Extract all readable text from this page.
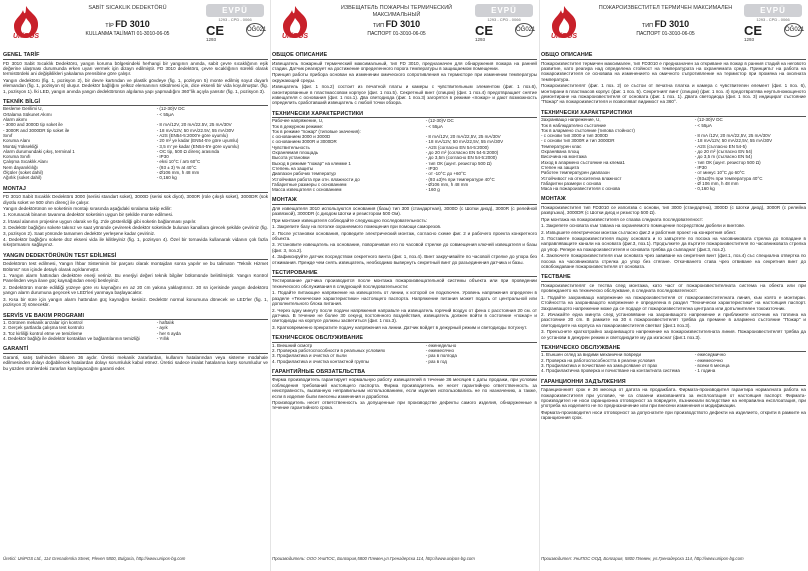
UniPOS
SABİT SICAKLIK DEDEKTÖRÜ
TİP FD 3010
KULLANMA TALİMATI 01-3010-06-05
EVPÜ
1293 - CPD - 0066
CE	ÖĞ021
1293
GENEL TARİF
FD 3010 Sabit Sıcaklık Dedektörü, yangın koruma bölgesindeki herhangi bir yangının anında, sabit çevre sıcaklığının eşik değerine ulaşması durumunda erken uyarı vermek için dizayn edilmiştir. FD 3010 dedektörü, çevre sıcaklığının sürekli olarak termistördeki ani değişiklikleri yakalama prensibine göre çalışır.
Yangın dedektörü (fig. 1, pozisyon 2), bir devre kartından ve plastik gövdeye (fig. 1, pozisyon 5) monte edilmiş soyut duyarlı elemandan (fig. 1, pozisyon 6) oluşur. Dedektör bağlığını yelküz elemanının sökülmesi için, dice eksenli bir vida koyulmuştur. (fig. 1, pozisyon 1). İki LED, yangın anında yangın dedektörünün algılama yapı yapmadığını 360°lik açıyla yansıtır (fig. 1, pozisyon 3).
TEKNİK BİLGİ
Besleme Gerilimi U,	- (12-30)V DC
Ortalama Sükunet Akımı	- < 55μA
Alarm akımı
- 3000 and 3000D tip soket ile	- 8 mA/12V, 20 mA/22.5V, 25 mA/30V
- 3000R and 3000DR tip soket ile	- 18 mA/12V, 50 mA/22.5V, 55 mA/30V
Sınıf	- A2S (EN54-5:2000'e göre uyumlu)
Koruma Alanı	- 20 m² ye kadar (EN54-5'e göre uyumlu)
Montaj Yüksekliği	- 3,5 m' ye kadar (EN54-5'e göre uyumlu)
Alarm durumundaki çıkış, terminal 1	- OC tip, 500 Ω direnç arasında
Koruma Sınıfı	- IP30
Çalışma Sıcaklık Alanı	- eksi 10°C / artı 60°C
Nem dayanıklılığı	- (93 ± 3) % at 40°C
Ölçüler (soket dahil)	- Ø106 mm, h 48 mm
Ağırlık (soket dahil)	- 0,160 kg
MONTAJ
FD 3010 Sabit Sıcaklık Dedektörü 3000 (seriisi standart soket), 3000D (serisi sok diyot), 3000R (role çıkışlı soket), 3000DR (sok diyotlu soket ve 500 ohm direnç) ile çalışır.
Yangın dedektörünün ve soketinin montajı sırasında aşağıdaki sıralama takip edilir:
1. Korunacak binanın tavanına dedektör soketinin uygun bir şekilde monte edilmesi.
2. İrtasal alanının projesine uygun olarak ve fig. 2'de gösterildiği gibi soketin bağlanması yapılır.
3. Dedektör bağlığını sokete takınız ve saat yönünde çevirerek dedektör soketinde bulunan kanallara girecek şekilde çeviriniz (fig. 3, pozisyon 2). Saat yönünde tamamen dedektör yerleşene kadar çeviriniz.
4. Dedektör bağlığını sokete düz ekseni vida ile kilitleyiniz (fig. 1, pozisyon 4). Özel bir tornavida kullanarak vidanın çok fazla sıkıştırmasını sağlayınız.
YANGIN DEDEKTÖRÜNÜN TEST EDİLMESİ
Dedektörün test edilmesi, Yangın İhbar Sisteminin bir parçası olarak montajdan sonra yapılır ve bu talimatın "Teknik Hizmet Bölümü" nün içinde detaylı olarak açıklanmıştır.
1. Yangın alarm hattından dedektöre enerji veriniz. Bu enerjiyi değeri teknik bilgiler bölümünde belirtilmiştir. Yangın Kontrol Panelinden veya ilave güç kaynağından enerji besleyiniz.
2. Dedektörün monte edildiği yüzeye göre ısı kaynağını en az 20 cm yakına yaklaştırınız. 30 sn içerisinde yangın dedektörü yangın alarm durumuna geçecek ve LED'leri yanmaya başlayacaktır.
3. Kısa bir süre için yangın alarm hattından güç kaynağını kesiniz. Dedektör normal konumuna dönecek ve LED'ler (fig. 1, pozisyon 3) sönecektir.
SERVİS VE BAKIM PROGRAMI
1. Görünen mekanik arızalar için kontrol	- haftalık
2. Gerçek şartlarda çalışma test kontrolü	- ayık
3. Toz kirliliği kontrol etme ve temizleme	- her 6 ayda
4. Dedektör bağlığı ile dedektör kontakları ve bağlantılarının temizliği	- Yıllık
GARANTİ
Garanti, satış tarihinden itibaren 36 aydır. Üretici mekanik zararlardan, kullanım hatalarından veya sisteme müdahale edilmesinden dolayı doğabilecek hatalardan dolayı sorumluluk kabul etmez. Üretici sadece imalat hatalarına karşı sorumludur ve bu yüzden ürünlerdeki zararları karşılayacağını garanti eder.
Üretici: UniPOS Ltd., 114 Grenaderska Street, Pleven 5800, Bulgaria, http://www.unipos-bg.com
UniPOS
ИЗВЕЩАТЕЛЬ ПОЖАРНЫ ТЕРМИЧЕСКИЙ МАКСИМАЛЬНЫЙ
ТИП FD 3010
ПАСПОРТ 01-3010-06-05
EVPÜ
1293 - CPD - 0066
CE	ÖĞ021
1293
ОБЩОЕ ОПИСАНИЕ
Извещатель пожарный термический максимальный, тип FD 3010, предназначен для обнаружения пожара на ранней стадии. Датчик реагирует на достижение определенного порога температуры в защищаемом помещении.
Принцип работы прибора основан на изменении омического сопротивления на термисторе при изменении температуры окружающей среды.
Извещатель (фиг. 1 поз.2) состоит из печатной платы и камеры с чувствительным элементом (фиг. 1 поз.6), смонтированные в пластмассовом корпусе (фиг. 1 поз.5). Секретный винт (спицом) (фиг. 1 поз.4) предотвращает снятие извещателя с основания (фиг. 1 поз.1). Два светодиода (фиг. 1 поз.3) загорятся в режиме «пожар» и дают возможность определить сработавший извещатель с любой точки обзора.
ТЕХНИЧЕСКИ ХАРАКТЕРИСТИКИ
Рабочее напряжение, U,	- (12-30)V DC
Ток в дежурном режиме:	- < 55μA
Ток в режиме "пожар" (типовые значения):
с основанием 3000 и 3000D	- 8 mA/12V, 20 mA/22,5V, 25 mA/30V
с основанием 3000R и 3000DR	- 18 mA/12V, 50 mA/22,5V, 55 mA/30V
Чувствительность	- A2S (согласно EN 54-5:2000)
Охраняемая площадь	- до 20 m² (согласно EN 54-5:2000)
Высота установки	- до 3,5m (согласно EN 54-5:2000)
Выход в режиме "пожар" на клемме 1	- тип ОК (шунт. резистор 500 Ω)
Степень на защиты	- IP30
Диапазон рабочих температур	- от -10°C до +60°C
Устойчивая работа при отн. влажности до	- (93 ±3)% при температуре 40°C
Габаритные размеры с основанием	- Ø106 mm, h 48 mm
Масса извещателя с основанием	- 160 g
МОНТАЖ
Для извещателя 3010 используются основания (базы) тип 300 (стандартная), 3000D (с Шотки диод), 3000R (с релейной развязкой), 3000DR (с диодом Шотки и резистором 500 Ом).
При монтаже извещателя соблюдайте следующую последовательность:
1. Закрепите базу на потолке охраняемого помещения при помощи саморезов.
2. После установки основания, проведите электрический монтаж, согласно схеме фиг. 2 и рабочего проекта конкретного объекта.
3. Установите извещатель на основание, поворачивая его по часовой стрелке до совмещения ключей извещателя и базы (фиг. 3, поз.2).
4. Зафиксируйте датчик посредством секретного винта (фиг. 1, поз.4). Винт закручивайте по часовой стрелке до упора без отжимания. Прежде чем снять извещатель, необходимо вывернуть секретный винт до разъединения датчика и базы.
ТЕСТИРОВАНИЕ
Тестирование датчика производится после монтажа пожароизвещательной системы объекта или при проведении технического обслуживания в следующей последовательности:
1. Подайте питающее напряжение на извещатель от линии, к которой он подключен. Уровень напряжения определен в разделе «Технические характеристики» настоящего паспорта. Напряжение питания может подать от центральной или дополнительного блока питания.
2. Через одну минуту после подачи напряжения направьте на извещатель горячий воздух от фена с расстояния 20 см. от датчика. В течение не более 30 секунд постоянного воздействия, извещатель должен войти в состояние «пожар» и светодиоды на корпусе должны засветиться (фиг. 1 поз.3).
3. Кратковременно прекратите подачу напряжения на линии. Датчик войдет в дежурный режим и светодиоды потухнут.
ТЕХНИЧЕСКОЕ ОБСЛУЖИВАНИЕ
1. Внешний осмотр	- еженедельно
2. Проверка работоспособности в реальных условиях	- ежемесячно
3. Профилактика и очистка от пыли	- раз в полгода
4. Профилактика и очистка контактной группы	- раз в год
ГАРАНТИЙНЫЕ ОБЯЗАТЕЛЬСТВА
Фирма производитель гарантирует нормальную работу извещателей в течение 36 месяцев с даты продажи, при условии соблюдения требований настоящего паспорта. Фирма производитель не несет гарантийную ответственность за неисправность, вызванную неправильным использованием, если изделия использовались не по назначению, а также, если в изделие были внесены изменения и доработки.
Производитель несет ответственность за допущенные при производстве дефекты самого изделия, обнаруженные в течение гарантийного срока.
Производитель: ООО УниПОС, Болгария,5800 Плевен,ул.Гренадерска 114, http://www.unipos-bg.com
UniPOS
ПОЖАРОИЗВЕСТИТЕЛ ТЕРМИЧЕН МАКСИМАЛЕН
ТИП FD 3010
ПАСПОРТ 01-3010-06-05
EVPÜ
1293 - CPD - 0066
CE	ÖĞ021
1293
ОБЩО ОПИСАНИЕ
Пожароизвестител термичен максимален, тип FD3010 е предназначен за откриване на пожар в ранния стадий на неговото развитие, като реагира над определена стойност на температурата на охраняемата среда. Принципът на работа на пожароизвестителя се основава на изменението на омичното съпротивление на термистор при промяна на околната температура.
Пожароизвестителят (фиг. 1 поз. 2) се състои от печатна платка и камера с чувствителен елемент (фиг. 1 поз. 6), монтирани в пластмасов корпус (фиг. 1 поз. 5). Секретният винт (спицом) (фиг. 1 поз. 4) предотвратява неупълномощеното демонтиране на пожароизвестителя от основата (фиг. 1 поз. 1). Двата светодиода (фиг. 1 поз. 3) индицират състояние "Пожар" на пожароизвестителя и позволяват видимост на 360°.
ТЕХНИЧЕСКИ ХАРАКТЕРИСТИКИ
Захранващо напрежение, U,	- (12-30)V DC
Ток в наблюдателно състояние	- < 55μA
Ток в алармено състояние (типова стойност)
- с основи тип 3000 и тип 3000D	- 8 mA /12V, 20 mA/22,5V, 25 mA/30V
- с основи тип 3000R и тип 3000DR	- 18 mA/12V, 50 mA/22,5V, 55 mA/30V
Температурен клас	- A2S (съгласно EN 54-5)
Охранявана площ	- до 20 m² (съгласно EN 54)
Височина на монтажа	- до 3,5 m (съгласно EN 54)
Изход в алармено състояние на клема1	- тип ОК (шунт. резистор 500 Ω)
Степен на защита	- IP30
Работен температурен диапазон	- от минус 10°C до 60°C
Устойчивост на относителна влажност	- (93±3)% при температура 40°C
Габаритни размери с основа	- Ø 106 mm, h 48 mm
Маса на пожароизвестителя с основа	- 0,160 kg
МОНТАЖ
Пожароизвестител тип FD3010 се използва с основи, тип 3000 (стандартна), 3000D (с Шотки диод), 3000R (с релейна развръзка), 3000DR (с Шотки диод и резистор 500 Ω).
При монтажа на пожароизвестителя се спазва следната последователност:
1. Закрепете основата към тавана на охраняемото помещение посредством дюбели и винтове.
2. Извършете електрически монтаж съгласно фиг.2 и работния проект на конкретния обект.
3. Поставете пожароизвестителя върху основата и го завъртете по посока на часовниковата стрелка до попадане в направляващите канали на основата (фиг.3, поз.1). Продължете да въртите пожароизвестителя по часовниковата стрелка до упор. Репере на пожароизвестителя и основата трябва да съвпаднат (фиг.3, поз.2).
4. Заключете пожароизвестителя към основата чрез завиване на секретния винт (фиг.1, поз.4) със специална отвертка по посока на часовниковата стрелка до упор без стягане. Откачването става чрез отвиване на секретния винт до освобождаване пожароизвестителя от основата.
ТЕСТВАНЕ
Пожароизвестителят се тества след монтажа, като част от пожароизвестителната система на обекта или при провеждането на техническо обслужване, в следната последователност:
1. Подайте захранващо напрежение на пожароизвестителя от пожароизвестителната линия, към която е монтиран. Стойността на захранващото напрежение е определена в раздел "Технически характеристики" на настоящия паспорт. Захранващото напрежение може да се подаде от пожароизвестителна централа или допълнителен токоизточник.
2. Изчакайте една минута след установяване на захранващото напрежение и приближете източник на топлина на разстояние 20 cm. В рамките на 30 s пожароизвестителят трябва да премине в алармено състояние "Пожар" и светодиодите на корпуса на пожароизвестителя светват (фиг.1 поз.3).
3. Прекъснете краткотрайно захранващото напрежение на пожароизвестителната линия. Пожароизвестителят трябва да се установи в дежурен режим и светодиодите му да изгаснат (фиг.1 поз.3).
ТЕХНИЧЕСКО ОБСЛУЖВАНЕ
1. Външен оглед за видими механични повреди	- ежеседмично
2. Проверка на работоспособността в реални условия	- ежемесечно
3. Профилактика и почистване на замърсяване от прах	- всеки 6 месеца
4. Профилактична проверка и почистване на контактната система	- 1 година
ГАРАНЦИОННИ ЗАДЪЛЖЕНИЯ
Гаранционният срок е 36 месеца от датата на продажбата. Фирмата-производител гарантира нормалната работа на пожароизвестителя при условие, че са спазени изискванията за експлоатация от настоящия паспорт. Фирмата-производител не носи гаранционна отговорност за повредите, възникнали вследствие на неправилна експлоатация, при употреба на изделието не по предназначение или при внесени изменения и модификации.
Фирмата-производител носи отговорност за допуснатите при производството дефекти на изделието, открити в рамките на гаранционния срок.
Производител: УниПОС ООД, Болгария, 5800 Плевен, ул.Гренадерска 114, http://www.unipos-bg.com
